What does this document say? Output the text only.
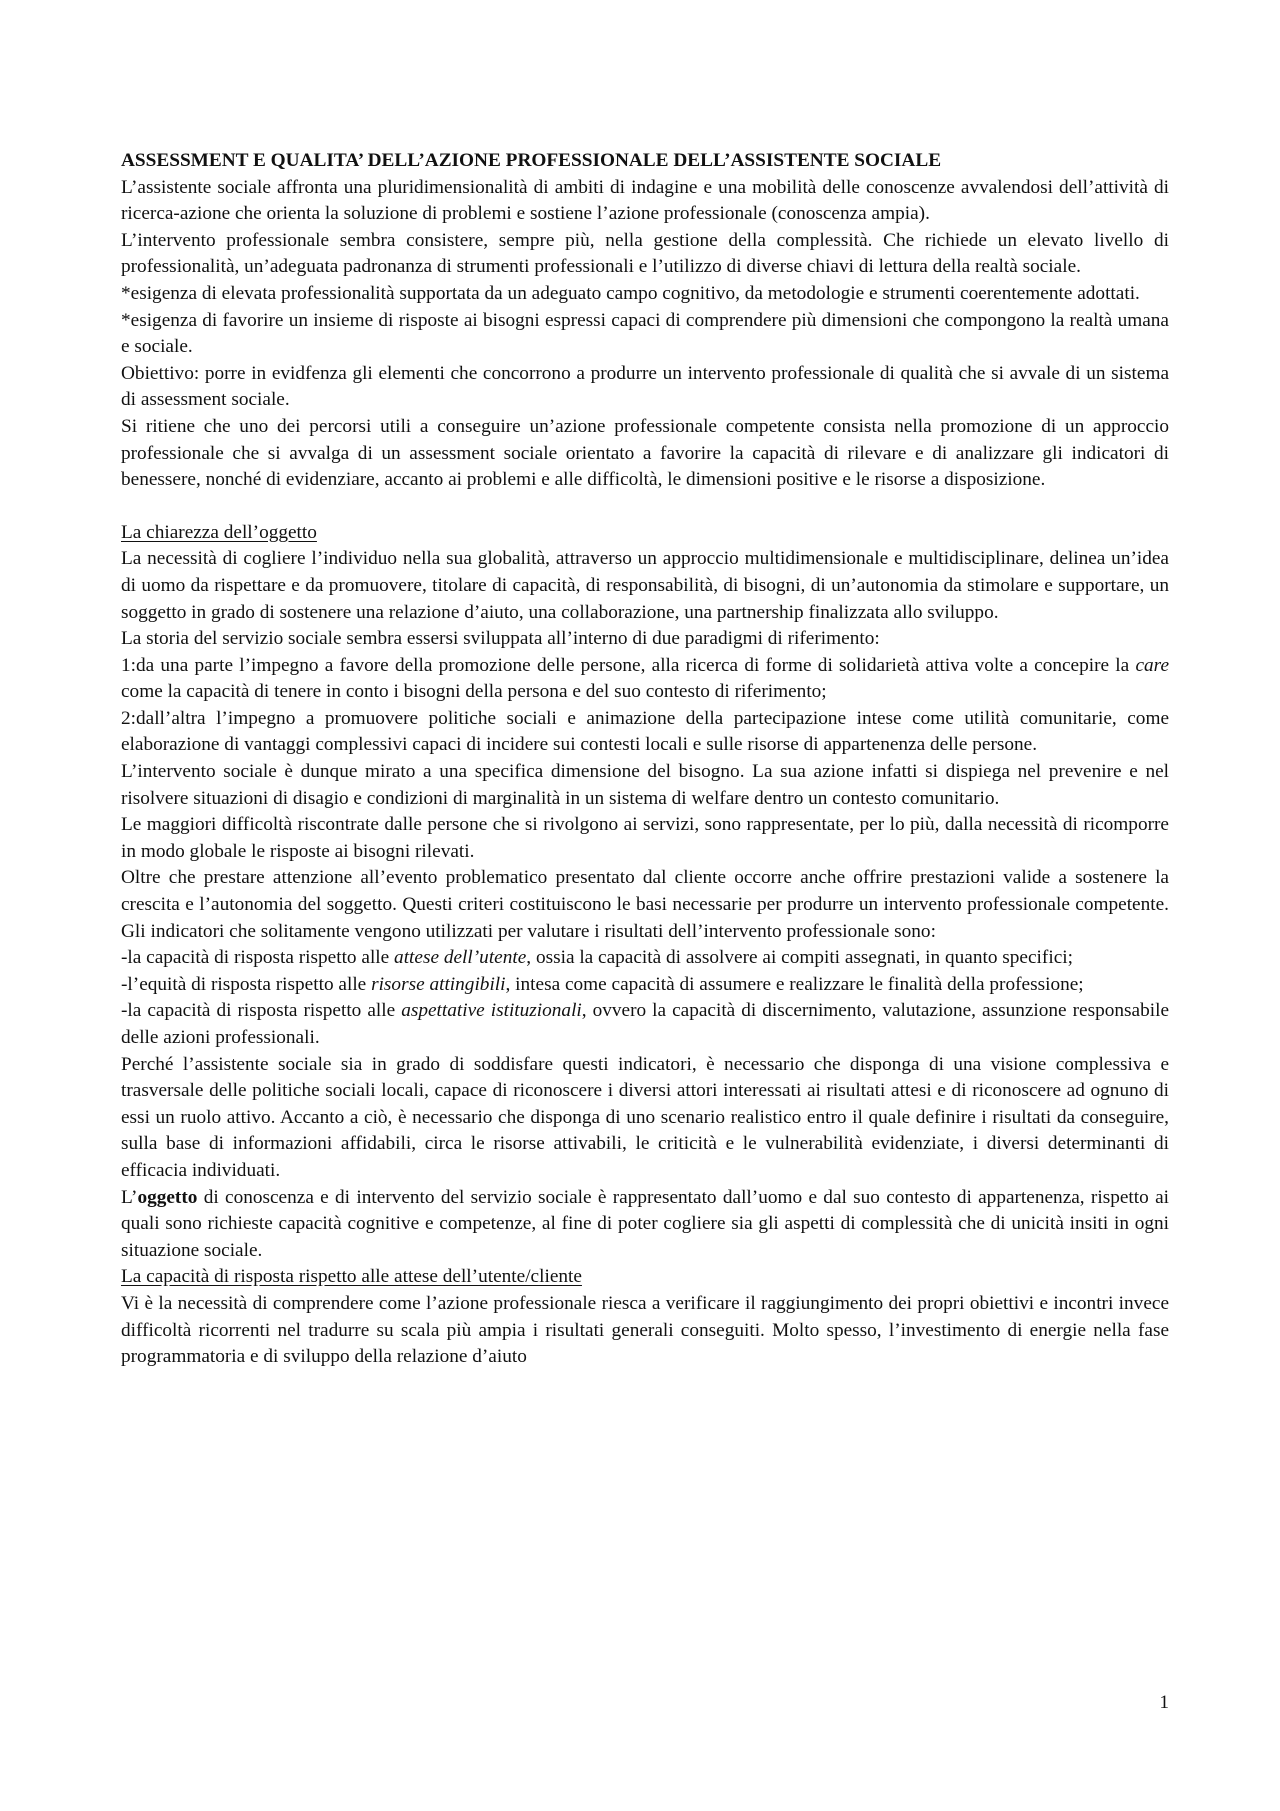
ASSESSMENT E QUALITA’ DELL’AZIONE PROFESSIONALE DELL’ASSISTENTE SOCIALE

L’assistente sociale affronta una pluridimensionalità di ambiti di indagine e una mobilità delle conoscenze avvalendosi dell’attività di ricerca-azione che orienta la soluzione di problemi e sostiene l’azione professionale (conoscenza ampia).

L’intervento professionale sembra consistere, sempre più, nella gestione della complessità. Che richiede un elevato livello di professionalità, un’adeguata padronanza di strumenti professionali e l’utilizzo di diverse chiavi di lettura della realtà sociale.

*esigenza di elevata professionalità supportata da un adeguato campo cognitivo, da metodologie e strumenti coerentemente adottati.

*esigenza di favorire un insieme di risposte ai bisogni espressi capaci di comprendere più dimensioni che compongono la realtà umana e sociale.

Obiettivo: porre in evidfenza gli elementi che concorrono a produrre un intervento professionale di qualità che si avvale di un sistema di assessment sociale.

Si ritiene che uno dei percorsi utili a conseguire un’azione professionale competente consista nella promozione di un approccio professionale che si avvalga di un assessment sociale orientato a favorire la capacità di rilevare e di analizzare gli indicatori di benessere, nonché di evidenziare, accanto ai problemi e alle difficoltà, le dimensioni positive e le risorse a disposizione.

La chiarezza dell’oggetto

La necessità di cogliere l’individuo nella sua globalità, attraverso un approccio multidimensionale e multidisciplinare, delinea un’idea di uomo da rispettare e da promuovere, titolare di capacità, di responsabilità, di bisogni, di un’autonomia da stimolare e supportare, un soggetto in grado di sostenere una relazione d’aiuto, una collaborazione, una partnership finalizzata allo sviluppo.

La storia del servizio sociale sembra essersi sviluppata all’interno di due paradigmi di riferimento:

1:da una parte l’impegno a favore della promozione delle persone, alla ricerca di forme di solidarietà attiva volte a concepire la care come la capacità di tenere in conto i bisogni della persona e del suo contesto di riferimento;

2:dall’altra l’impegno a promuovere politiche sociali e animazione della partecipazione intese come utilità comunitarie, come elaborazione di vantaggi complessivi capaci di incidere sui contesti locali e sulle risorse di appartenenza delle persone.

L’intervento sociale è dunque mirato a una specifica dimensione del bisogno. La sua azione infatti si dispiega nel prevenire e nel risolvere situazioni di disagio e condizioni di marginalità in un sistema di welfare dentro un contesto comunitario.

Le maggiori difficoltà riscontrate dalle persone che si rivolgono ai servizi, sono rappresentate, per lo più, dalla necessità di ricomporre in modo globale le risposte ai bisogni rilevati.

Oltre che prestare attenzione all’evento problematico presentato dal cliente occorre anche offrire prestazioni valide a sostenere la crescita e l’autonomia del soggetto. Questi criteri costituiscono le basi necessarie per produrre un intervento professionale competente. Gli indicatori che solitamente vengono utilizzati per valutare i risultati dell’intervento professionale sono:

-la capacità di risposta rispetto alle attese dell’utente, ossia la capacità di assolvere ai compiti assegnati, in quanto specifici;

-l’equità di risposta rispetto alle risorse attingibili, intesa come capacità di assumere e realizzare le finalità della professione;

-la capacità di risposta rispetto alle aspettative istituzionali, ovvero la capacità di discernimento, valutazione, assunzione responsabile delle azioni professionali.

Perché l’assistente sociale sia in grado di soddisfare questi indicatori, è necessario che disponga di una visione complessiva e trasversale delle politiche sociali locali, capace di riconoscere i diversi attori interessati ai risultati attesi e di riconoscere ad ognuno di essi un ruolo attivo. Accanto a ciò, è necessario che disponga di uno scenario realistico entro il quale definire i risultati da conseguire, sulla base di informazioni affidabili, circa le risorse attivabili, le criticità e le vulnerabilità evidenziate, i diversi determinanti di efficacia individuati.

L’oggetto di conoscenza e di intervento del servizio sociale è rappresentato dall’uomo e dal suo contesto di appartenenza, rispetto ai quali sono richieste capacità cognitive e competenze, al fine di poter cogliere sia gli aspetti di complessità che di unicità insiti in ogni situazione sociale.

La capacità di risposta rispetto alle attese dell’utente/cliente

Vi è la necessità di comprendere come l’azione professionale riesca a verificare il raggiungimento dei propri obiettivi e incontri invece difficoltà ricorrenti nel tradurre su scala più ampia i risultati generali conseguiti. Molto spesso, l’investimento di energie nella fase programmatoria e di sviluppo della relazione d’aiuto

1
